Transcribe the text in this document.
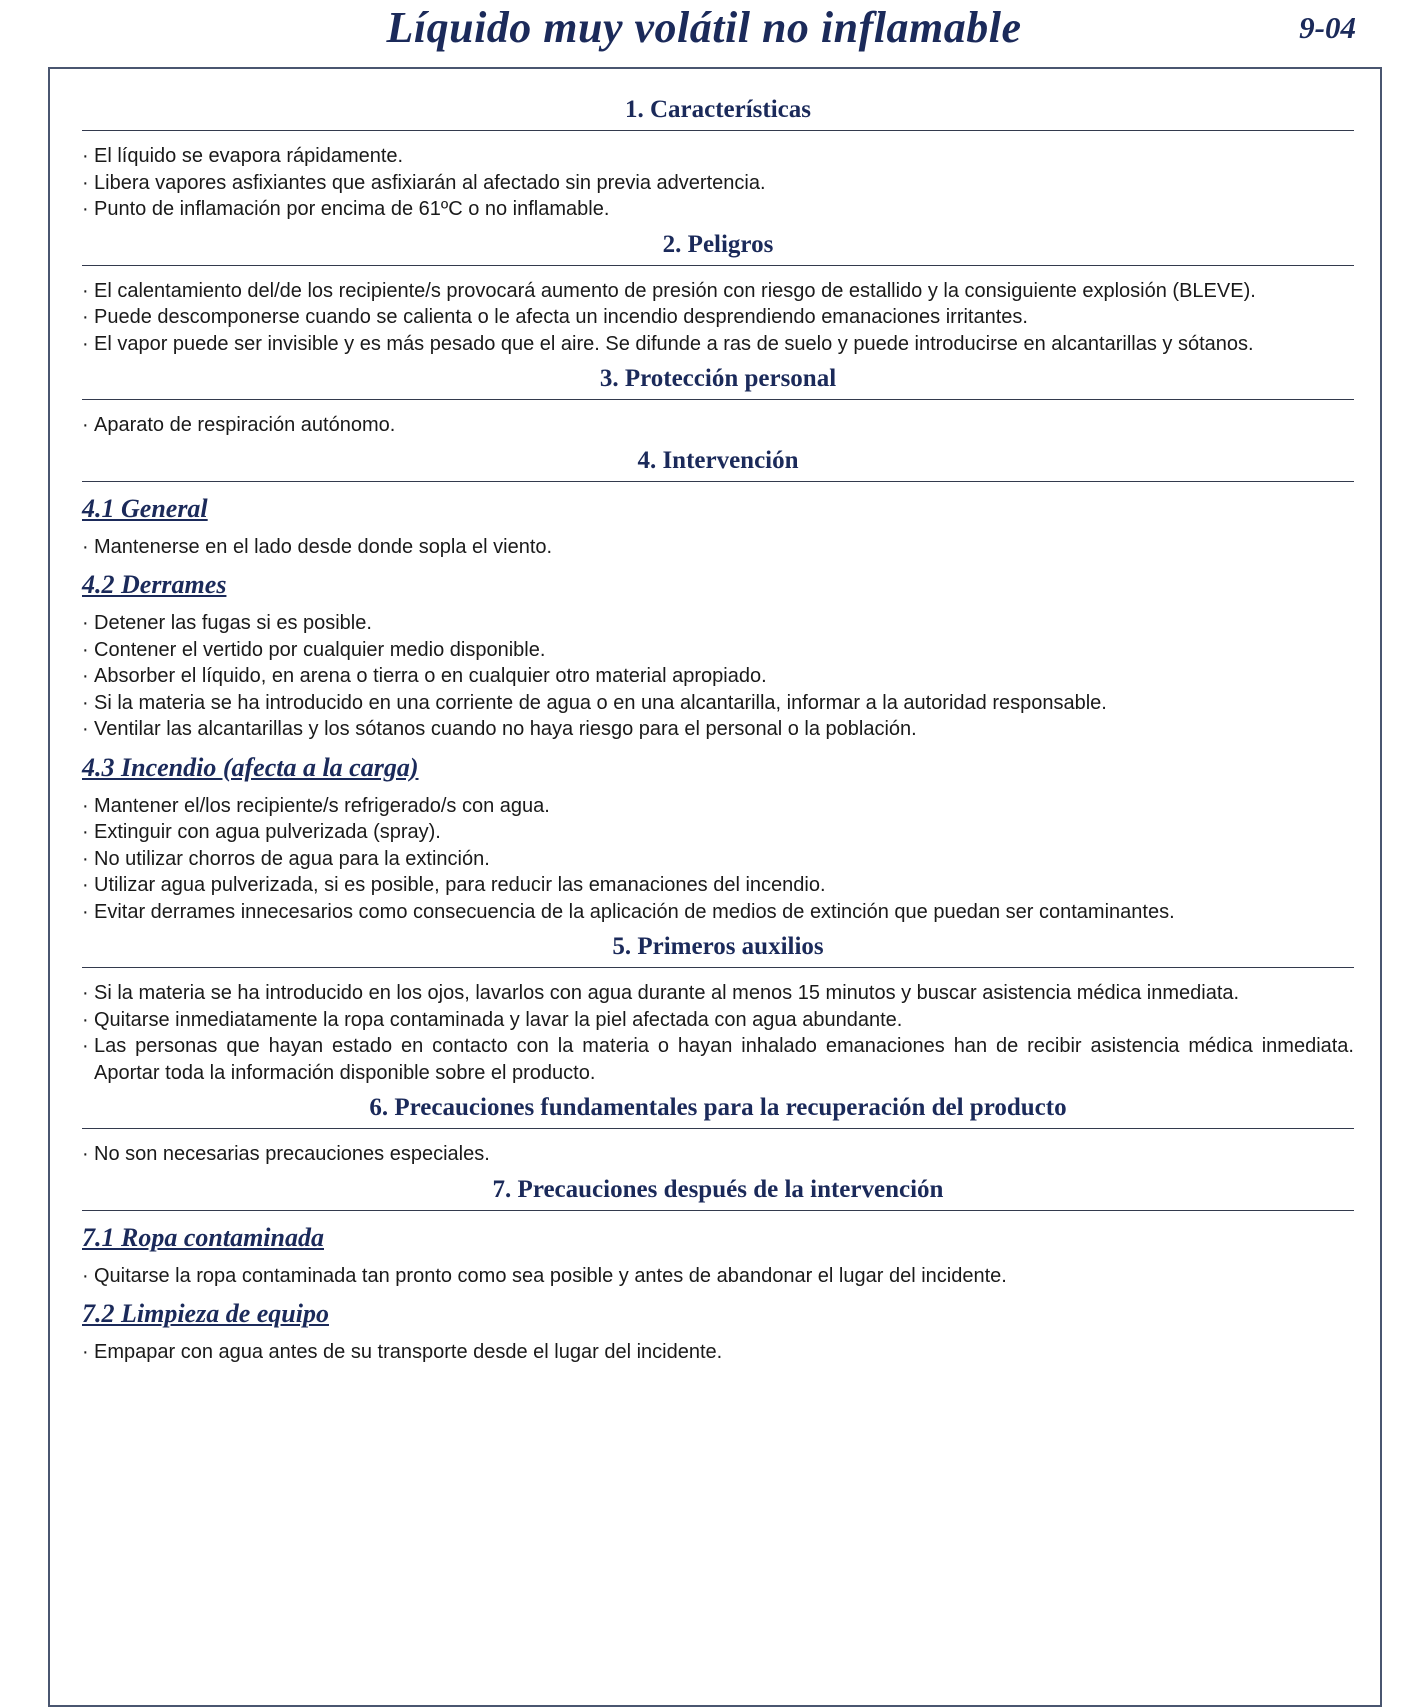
Líquido muy volátil no inflamable	9-04
1. Características
· El líquido se evapora rápidamente.
· Libera vapores asfixiantes que asfixiarán al afectado sin previa advertencia.
· Punto de inflamación por encima de 61ºC o no inflamable.
2. Peligros
· El calentamiento del/de los recipiente/s provocará aumento de presión con riesgo de estallido y la consiguiente explosión (BLEVE).
· Puede descomponerse cuando se calienta o le afecta un incendio desprendiendo emanaciones irritantes.
· El vapor puede ser invisible y es más pesado que el aire. Se difunde a ras de suelo y puede introducirse en alcantarillas y sótanos.
3. Protección personal
· Aparato de respiración autónomo.
4. Intervención
4.1 General
· Mantenerse en el lado desde donde sopla el viento.
4.2 Derrames
· Detener las fugas si es posible.
· Contener el vertido por cualquier medio disponible.
· Absorber el líquido, en arena o tierra o en cualquier otro material apropiado.
· Si la materia se ha introducido en una corriente de agua o en una alcantarilla, informar a la autoridad responsable.
· Ventilar las alcantarillas y los sótanos cuando no haya riesgo para el personal o la población.
4.3 Incendio (afecta a la carga)
· Mantener el/los recipiente/s refrigerado/s con agua.
· Extinguir con agua pulverizada (spray).
· No utilizar chorros de agua para la extinción.
· Utilizar agua pulverizada, si es posible, para reducir las emanaciones del incendio.
· Evitar derrames innecesarios como consecuencia de la aplicación de medios de extinción que puedan ser contaminantes.
5. Primeros auxilios
· Si la materia se ha introducido en los ojos, lavarlos con agua durante al menos 15 minutos y buscar asistencia médica inmediata.
· Quitarse inmediatamente la ropa contaminada y lavar la piel afectada con agua abundante.
· Las personas que hayan estado en contacto con la materia o hayan inhalado emanaciones han de recibir asistencia médica inmediata. Aportar toda la información disponible sobre el producto.
6. Precauciones fundamentales para la recuperación del producto
· No son necesarias precauciones especiales.
7. Precauciones después de la intervención
7.1 Ropa contaminada
· Quitarse la ropa contaminada tan pronto como sea posible y antes de abandonar el lugar del incidente.
7.2 Limpieza de equipo
· Empapar con agua antes de su transporte desde el lugar del incidente.
